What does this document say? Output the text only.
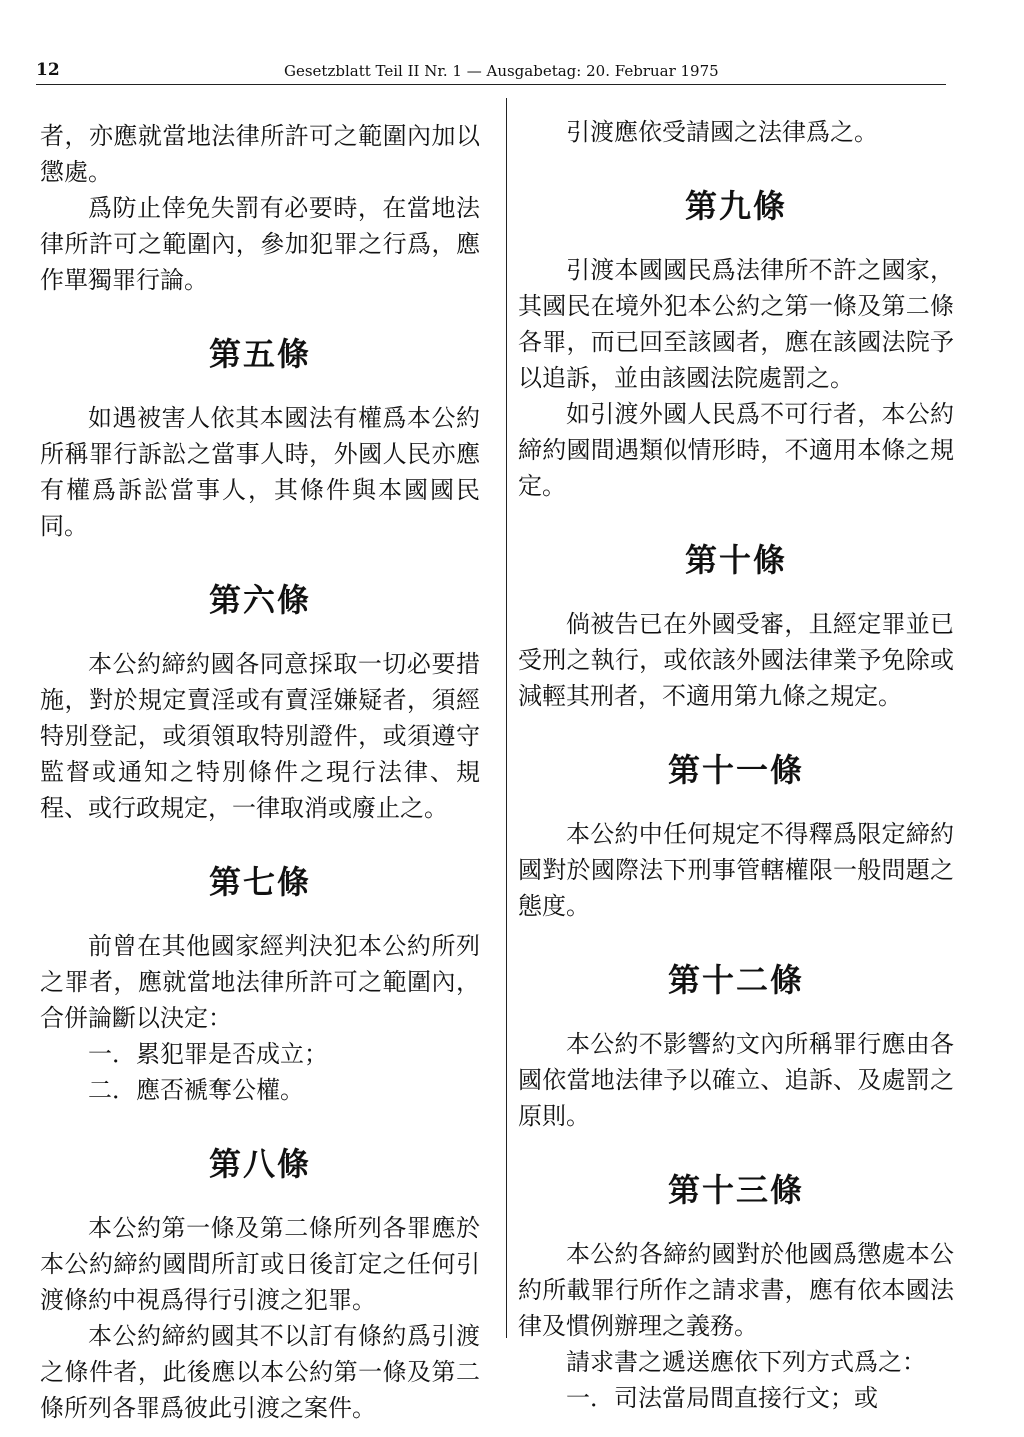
12	Gesetzblatt Teil II Nr. 1 — Ausgabetag: 20. Februar 1975

者，亦應就當地法律所許可之範圍內加以懲處。

爲防止倖免失罰有必要時，在當地法律所許可之範圍內，參加犯罪之行爲，應作單獨罪行論。

第五條

如遇被害人依其本國法有權爲本公約所稱罪行訴訟之當事人時，外國人民亦應有權爲訴訟當事人，其條件與本國國民同。

第六條

本公約締約國各同意採取一切必要措施，對於規定賣淫或有賣淫嫌疑者，須經特別登記，或須領取特別證件，或須遵守監督或通知之特別條件之現行法律、規程、或行政規定，一律取消或廢止之。

第七條

前曾在其他國家經判決犯本公約所列之罪者，應就當地法律所許可之範圍內，合併論斷以決定：

一．累犯罪是否成立；

二．應否褫奪公權。

第八條

本公約第一條及第二條所列各罪應於本公約締約國間所訂或日後訂定之任何引渡條約中視爲得行引渡之犯罪。

本公約締約國其不以訂有條約爲引渡之條件者，此後應以本公約第一條及第二條所列各罪爲彼此引渡之案件。

引渡應依受請國之法律爲之。

第九條

引渡本國國民爲法律所不許之國家，其國民在境外犯本公約之第一條及第二條各罪，而已回至該國者，應在該國法院予以追訴，並由該國法院處罰之。

如引渡外國人民爲不可行者，本公約締約國間遇類似情形時，不適用本條之規定。

第十條

倘被告已在外國受審，且經定罪並已受刑之執行，或依該外國法律業予免除或減輕其刑者，不適用第九條之規定。

第十一條

本公約中任何規定不得釋爲限定締約國對於國際法下刑事管轄權限一般問題之態度。

第十二條

本公約不影響約文內所稱罪行應由各國依當地法律予以確立、追訴、及處罰之原則。

第十三條

本公約各締約國對於他國爲懲處本公約所載罪行所作之請求書，應有依本國法律及慣例辦理之義務。

請求書之遞送應依下列方式爲之：

一．司法當局間直接行文；或
